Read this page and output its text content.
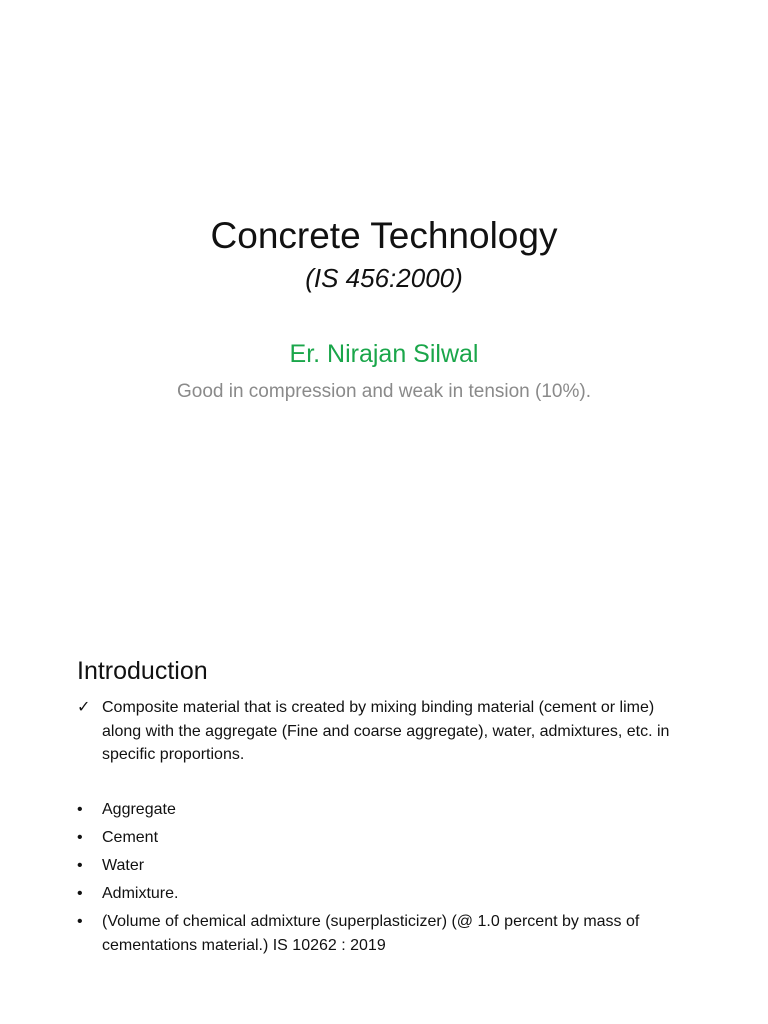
Concrete Technology
(IS 456:2000)
Er. Nirajan Silwal
Good in compression and weak in tension (10%).
Introduction
✓ Composite material that is created by mixing binding material (cement or lime) along with the aggregate (Fine and coarse aggregate), water, admixtures, etc. in specific proportions.
• Aggregate
• Cement
• Water
• Admixture.
• (Volume of chemical admixture (superplasticizer) (@ 1.0 percent by mass of cementations material.) IS 10262 : 2019
